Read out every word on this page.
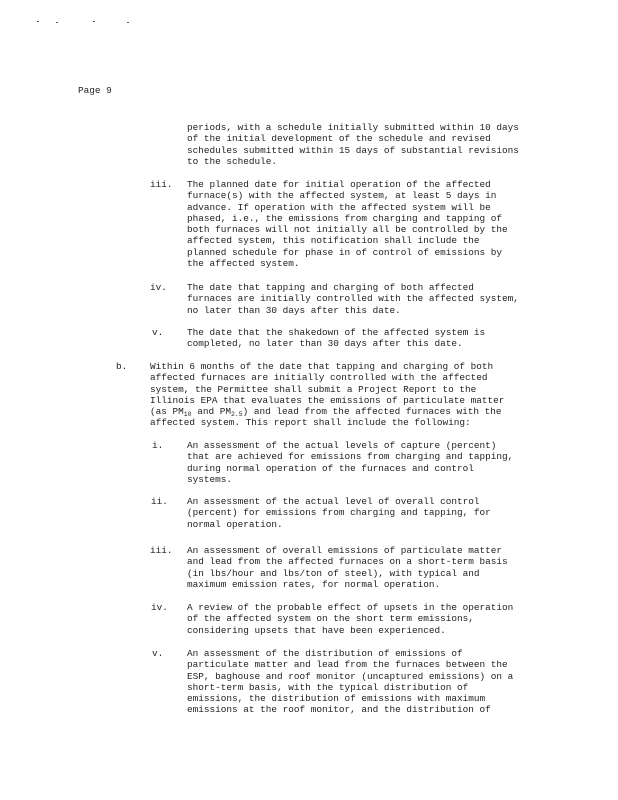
Page 9
periods, with a schedule initially submitted within 10 days
of the initial development of the schedule and revised
schedules submitted within 15 days of substantial revisions
to the schedule.
iii. The planned date for initial operation of the affected
furnace(s) with the affected system, at least 5 days in
advance. If operation with the affected system will be
phased, i.e., the emissions from charging and tapping of
both furnaces will not initially all be controlled by the
affected system, this notification shall include the
planned schedule for phase in of control of emissions by
the affected system.
iv. The date that tapping and charging of both affected
furnaces are initially controlled with the affected system,
no later than 30 days after this date.
v.	The date that the shakedown of the affected system is
completed, no later than 30 days after this date.
b. Within 6 months of the date that tapping and charging of both
affected furnaces are initially controlled with the affected
system, the Permittee shall submit a Project Report to the
Illinois EPA that evaluates the emissions of particulate matter
(as $PM_{10}$ and $PM_{2.5}$) and lead from the affected furnaces with the
affected system. This report shall include the following:
i.	An assessment of the actual levels of capture (percent)
that are achieved for emissions from charging and tapping,
during normal operation of the furnaces and control
systems.
ii. An assessment of the actual level of overall control
(percent) for emissions from charging and tapping, for
normal operation.
iii. An assessment of overall emissions of particulate matter
and lead from the affected furnaces on a short-term basis
(in lbs/hour and lbs/ton of steel), with typical and
maximum emission rates, for normal operation.
iv. A review of the probable effect of upsets in the operation
of the affected system on the short term emissions,
considering upsets that have been experienced.
v.	An assessment of the distribution of emissions of
particulate matter and lead from the furnaces between the
ESP, baghouse and roof monitor (uncaptured emissions) on a
short-term basis, with the typical distribution of
emissions, the distribution of emissions with maximum
emissions at the roof monitor, and the distribution of
